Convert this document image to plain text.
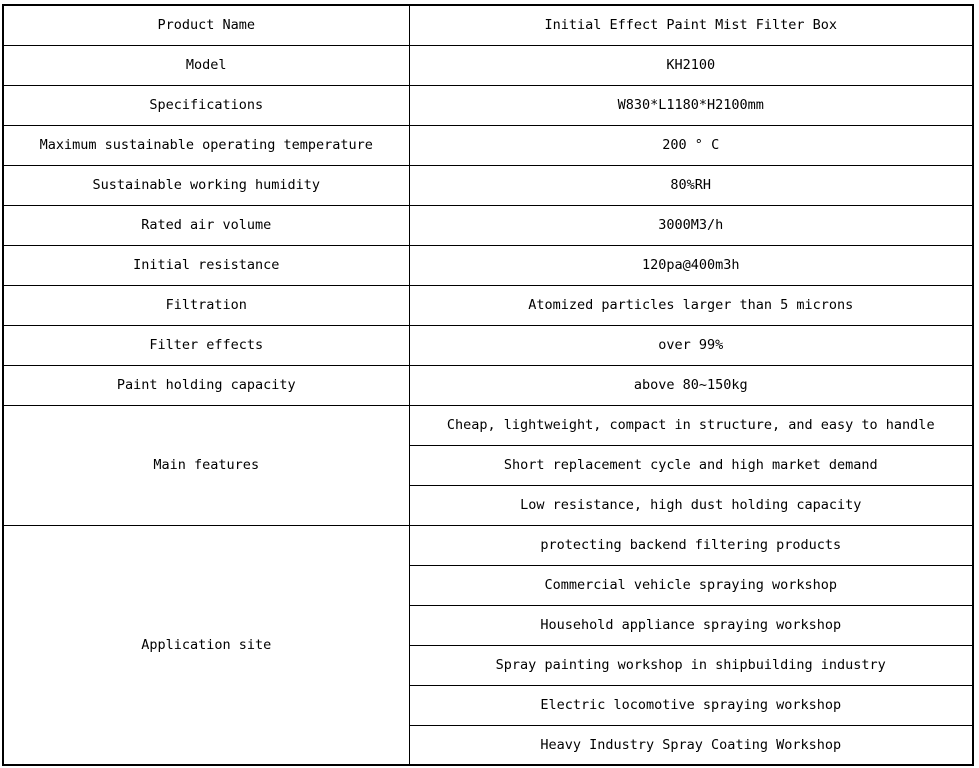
Product Name	Initial Effect Paint Mist Filter Box
Model	KH2100
Specifications	W830*L1180*H2100mm
Maximum sustainable operating temperature	200 ° C
Sustainable working humidity	80%RH
Rated air volume	3000M3/h
Initial resistance	120pa@400m3h
Filtration	Atomized particles larger than 5 microns
Filter effects	over 99%
Paint holding capacity	above 80~150kg
Main features	Cheap, lightweight, compact in structure, and easy to handle
	Short replacement cycle and high market demand
	Low resistance, high dust holding capacity
Application site	protecting backend filtering products
	Commercial vehicle spraying workshop
	Household appliance spraying workshop
	Spray painting workshop in shipbuilding industry
	Electric locomotive spraying workshop
	Heavy Industry Spray Coating Workshop
